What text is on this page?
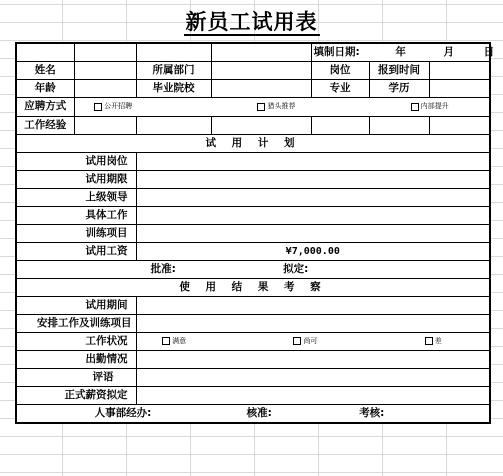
新员工试用表
				填制日期: 年 月 日		
姓名		所属部门		岗位	报到时间	
年龄		毕业院校		专业	学历	
应聘方式	公开招聘 猎头推荐 内部提升					
工作经验						
试 用 计 划						
试用岗位						
试用期限						
上级领导						
具体工作						
训练项目						
试用工资		¥7,000.00				
批准: 拟定:						
使 用 结 果 考 察						
试用期间						
安排工作及训练项目						
工作状况		满意 尚可 差				
出勤情况						
评语						
正式薪资拟定						
人事部经办: 核准: 考核:						
